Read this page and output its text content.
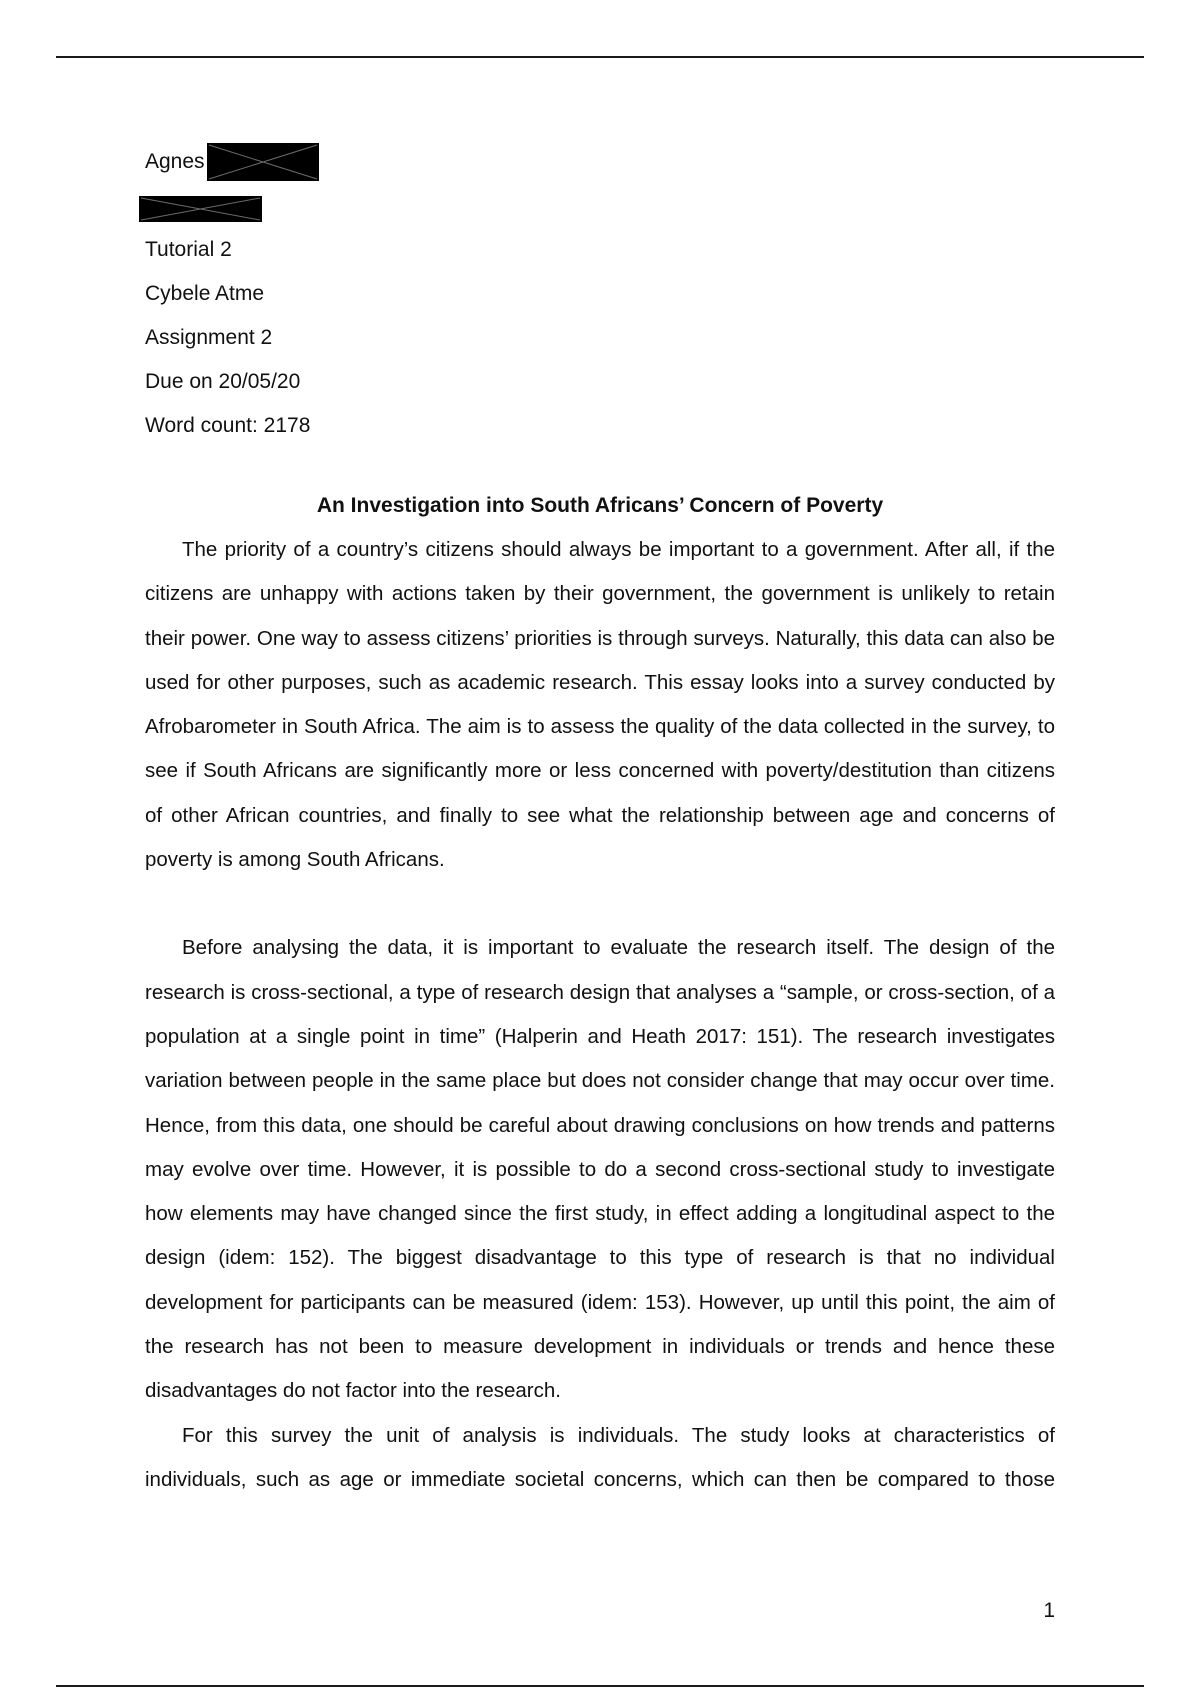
Agnes
Tutorial 2
Cybele Atme
Assignment 2
Due on 20/05/20
Word count: 2178
An Investigation into South Africans’ Concern of Poverty

The priority of a country’s citizens should always be important to a government. After all, if the citizens are unhappy with actions taken by their government, the government is unlikely to retain their power. One way to assess citizens’ priorities is through surveys. Naturally, this data can also be used for other purposes, such as academic research. This essay looks into a survey conducted by Afrobarometer in South Africa. The aim is to assess the quality of the data collected in the survey, to see if South Africans are significantly more or less concerned with poverty/destitution than citizens of other African countries, and finally to see what the relationship between age and concerns of poverty is among South Africans.

Before analysing the data, it is important to evaluate the research itself. The design of the research is cross-sectional, a type of research design that analyses a “sample, or cross-section, of a population at a single point in time” (Halperin and Heath 2017: 151). The research investigates variation between people in the same place but does not consider change that may occur over time. Hence, from this data, one should be careful about drawing conclusions on how trends and patterns may evolve over time. However, it is possible to do a second cross-sectional study to investigate how elements may have changed since the first study, in effect adding a longitudinal aspect to the design (idem: 152). The biggest disadvantage to this type of research is that no individual development for participants can be measured (idem: 153). However, up until this point, the aim of the research has not been to measure development in individuals or trends and hence these disadvantages do not factor into the research.

For this survey the unit of analysis is individuals. The study looks at characteristics of individuals, such as age or immediate societal concerns, which can then be compared to those

1
